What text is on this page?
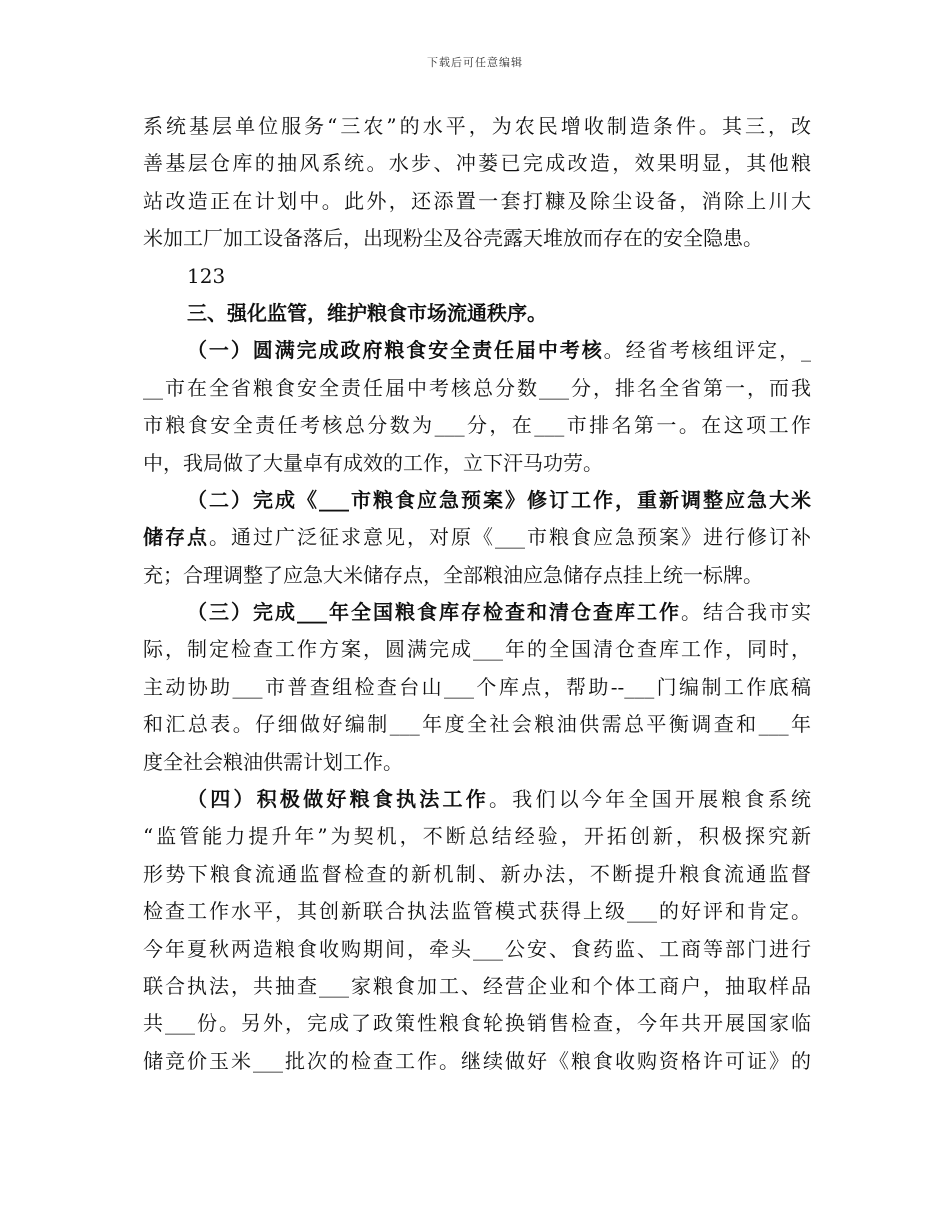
下载后可任意编辑
系统基层单位服务“三农”的水平，为农民增收制造条件。其三，改
善基层仓库的抽风系统。水步、冲蒌已完成改造，效果明显，其他粮
站改造正在计划中。此外，还添置一套打糠及除尘设备，消除上川大
米加工厂加工设备落后，出现粉尘及谷壳露天堆放而存在的安全隐患。
123
三、强化监管，维护粮食市场流通秩序。
（一）圆满完成政府粮食安全责任届中考核。经省考核组评定，_
__市在全省粮食安全责任届中考核总分数___分，排名全省第一，而我
市粮食安全责任考核总分数为___分，在___市排名第一。在这项工作
中，我局做了大量卓有成效的工作，立下汗马功劳。
（二）完成《___市粮食应急预案》修订工作，重新调整应急大米
储存点。通过广泛征求意见，对原《___市粮食应急预案》进行修订补
充；合理调整了应急大米储存点，全部粮油应急储存点挂上统一标牌。
（三）完成___年全国粮食库存检查和清仓查库工作。结合我市实
际，制定检查工作方案，圆满完成___年的全国清仓查库工作，同时，
主动协助___市普查组检查台山___个库点，帮助--___门编制工作底稿
和汇总表。仔细做好编制___年度全社会粮油供需总平衡调查和___年
度全社会粮油供需计划工作。
（四）积极做好粮食执法工作。我们以今年全国开展粮食系统
“监管能力提升年”为契机，不断总结经验，开拓创新，积极探究新
形势下粮食流通监督检查的新机制、新办法，不断提升粮食流通监督
检查工作水平，其创新联合执法监管模式获得上级___的好评和肯定。
今年夏秋两造粮食收购期间，牵头___公安、食药监、工商等部门进行
联合执法，共抽查___家粮食加工、经营企业和个体工商户，抽取样品
共___份。另外，完成了政策性粮食轮换销售检查，今年共开展国家临
储竞价玉米___批次的检查工作。继续做好《粮食收购资格许可证》的
